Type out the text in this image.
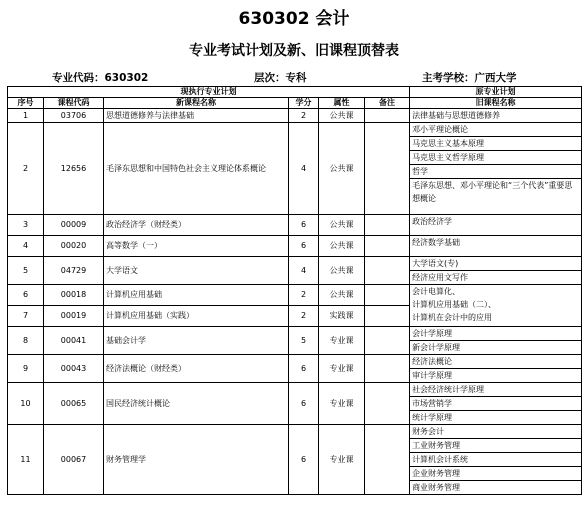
630302 会计
专业考试计划及新、旧课程顶替表
专业代码：630302	层次：专科	主考学校：广西大学
现执行专业计划						原专业计划
序号	课程代码	新课程名称	学分	属性	备注	旧课程名称
1	03706	思想道德修养与法律基础	2	公共课		法律基础与思想道德修养

2	12656	毛泽东思想和中国特色社会主义理论体系概论	4	公共课		邓小平理论概论
马克思主义基本原理
马克思主义哲学原理
哲学
毛泽东思想、邓小平理论和“三个代表”重要思想概论

3	00009	政治经济学（财经类）	6	公共课		政治经济学

4	00020	高等数学（一）	6	公共课		经济数学基础

5	04729	大学语文	4	公共课		大学语文(专)
经济应用文写作

6	00018	计算机应用基础	2	公共课		会计电算化、
计算机应用基础（二）、
计算机在会计中的应用

7	00019	计算机应用基础（实践）	2	实践课		
8	00041	基础会计学	5	专业课		会计学原理
新会计学原理

9	00043	经济法概论（财经类）	6	专业课		经济法概论
审计学原理

10	00065	国民经济统计概论	6	专业课		社会经济统计学原理
市场营销学
统计学原理

11	00067	财务管理学	6	专业课		财务会计
工业财务管理
计算机会计系统
企业财务管理
商业财务管理
